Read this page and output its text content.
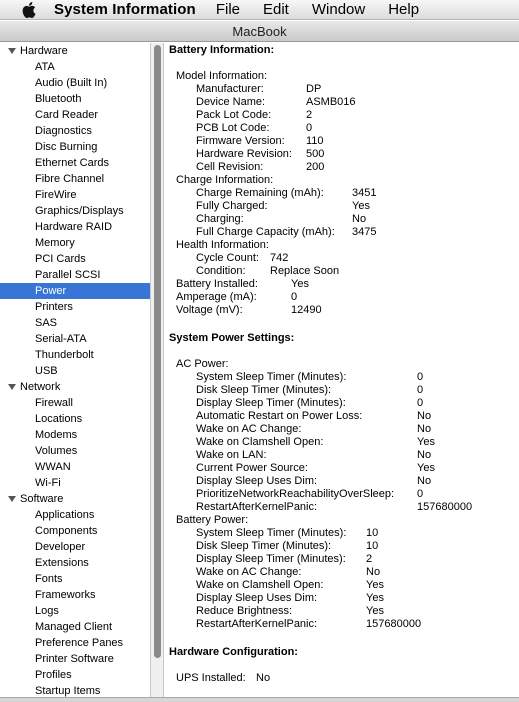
System Information File Edit Window Help
MacBook
Hardware
ATA
Audio (Built In)
Bluetooth
Card Reader
Diagnostics
Disc Burning
Ethernet Cards
Fibre Channel
FireWire
Graphics/Displays
Hardware RAID
Memory
PCI Cards
Parallel SCSI
Power
Printers
SAS
Serial-ATA
Thunderbolt
USB
Network
Firewall
Locations
Modems
Volumes
WWAN
Wi-Fi
Software
Applications
Components
Developer
Extensions
Fonts
Frameworks
Logs
Managed Client
Preference Panes
Printer Software
Profiles
Startup Items
Battery Information:
Model Information:
Manufacturer:	DP
Device Name:	ASMB016
Pack Lot Code:	2
PCB Lot Code:	0
Firmware Version: 110
Hardware Revision: 500
Cell Revision:	200
Charge Information:
Charge Remaining (mAh):	3451
Fully Charged:	Yes
Charging:	No
Full Charge Capacity (mAh): 3475
Health Information:
Cycle Count: 742
Condition: Replace Soon
Battery Installed:	Yes
Amperage (mA):	0
Voltage (mV):	12490
System Power Settings:
AC Power:
System Sleep Timer (Minutes):	0
Disk Sleep Timer (Minutes):	0
Display Sleep Timer (Minutes):	0
Automatic Restart on Power Loss:	No
Wake on AC Change:	No
Wake on Clamshell Open:	Yes
Wake on LAN:	No
Current Power Source:	Yes
Display Sleep Uses Dim:	No
PrioritizeNetworkReachabilityOverSleep: 0
RestartAfterKernelPanic:	157680000
Battery Power:
System Sleep Timer (Minutes): 10
Disk Sleep Timer (Minutes):	10
Display Sleep Timer (Minutes): 2
Wake on AC Change:	No
Wake on Clamshell Open:	Yes
Display Sleep Uses Dim:	Yes
Reduce Brightness:	Yes
RestartAfterKernelPanic:	157680000
Hardware Configuration:
UPS Installed: No
